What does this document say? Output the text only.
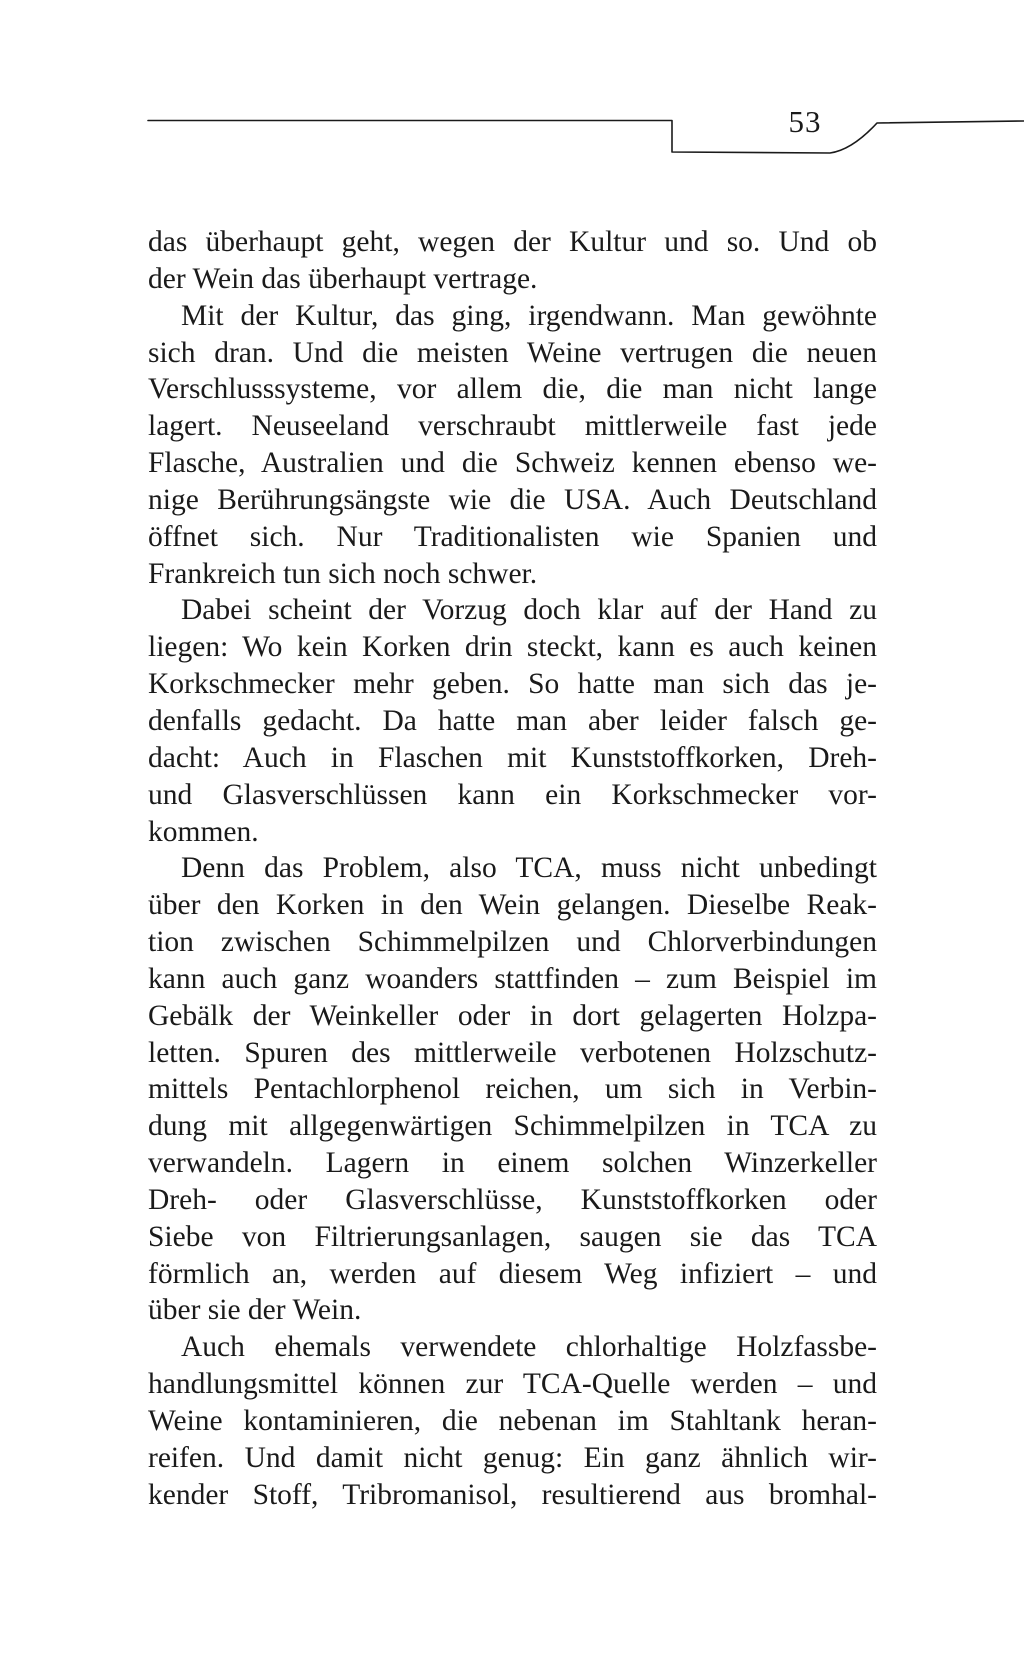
53
das überhaupt geht, wegen der Kultur und so. Und ob
der Wein das überhaupt vertrage.
Mit der Kultur, das ging, irgendwann. Man gewöhnte
sich dran. Und die meisten Weine vertrugen die neuen
Verschlusssysteme, vor allem die, die man nicht lange
lagert. Neuseeland verschraubt mittlerweile fast jede
Flasche, Australien und die Schweiz kennen ebenso we-
nige Berührungsängste wie die USA. Auch Deutschland
öffnet sich. Nur Traditionalisten wie Spanien und
Frankreich tun sich noch schwer.
Dabei scheint der Vorzug doch klar auf der Hand zu
liegen: Wo kein Korken drin steckt, kann es auch keinen
Korkschmecker mehr geben. So hatte man sich das je-
denfalls gedacht. Da hatte man aber leider falsch ge-
dacht: Auch in Flaschen mit Kunststoffkorken, Dreh-
und Glasverschlüssen kann ein Korkschmecker vor-
kommen.
Denn das Problem, also TCA, muss nicht unbedingt
über den Korken in den Wein gelangen. Dieselbe Reak-
tion zwischen Schimmelpilzen und Chlorverbindungen
kann auch ganz woanders stattfinden – zum Beispiel im
Gebälk der Weinkeller oder in dort gelagerten Holzpa-
letten. Spuren des mittlerweile verbotenen Holzschutz-
mittels Pentachlorphenol reichen, um sich in Verbin-
dung mit allgegenwärtigen Schimmelpilzen in TCA zu
verwandeln. Lagern in einem solchen Winzerkeller
Dreh- oder Glasverschlüsse, Kunststoffkorken oder
Siebe von Filtrierungsanlagen, saugen sie das TCA
förmlich an, werden auf diesem Weg infiziert – und
über sie der Wein.
Auch ehemals verwendete chlorhaltige Holzfassbe-
handlungsmittel können zur TCA-Quelle werden – und
Weine kontaminieren, die nebenan im Stahltank heran-
reifen. Und damit nicht genug: Ein ganz ähnlich wir-
kender Stoff, Tribromanisol, resultierend aus bromhal-
